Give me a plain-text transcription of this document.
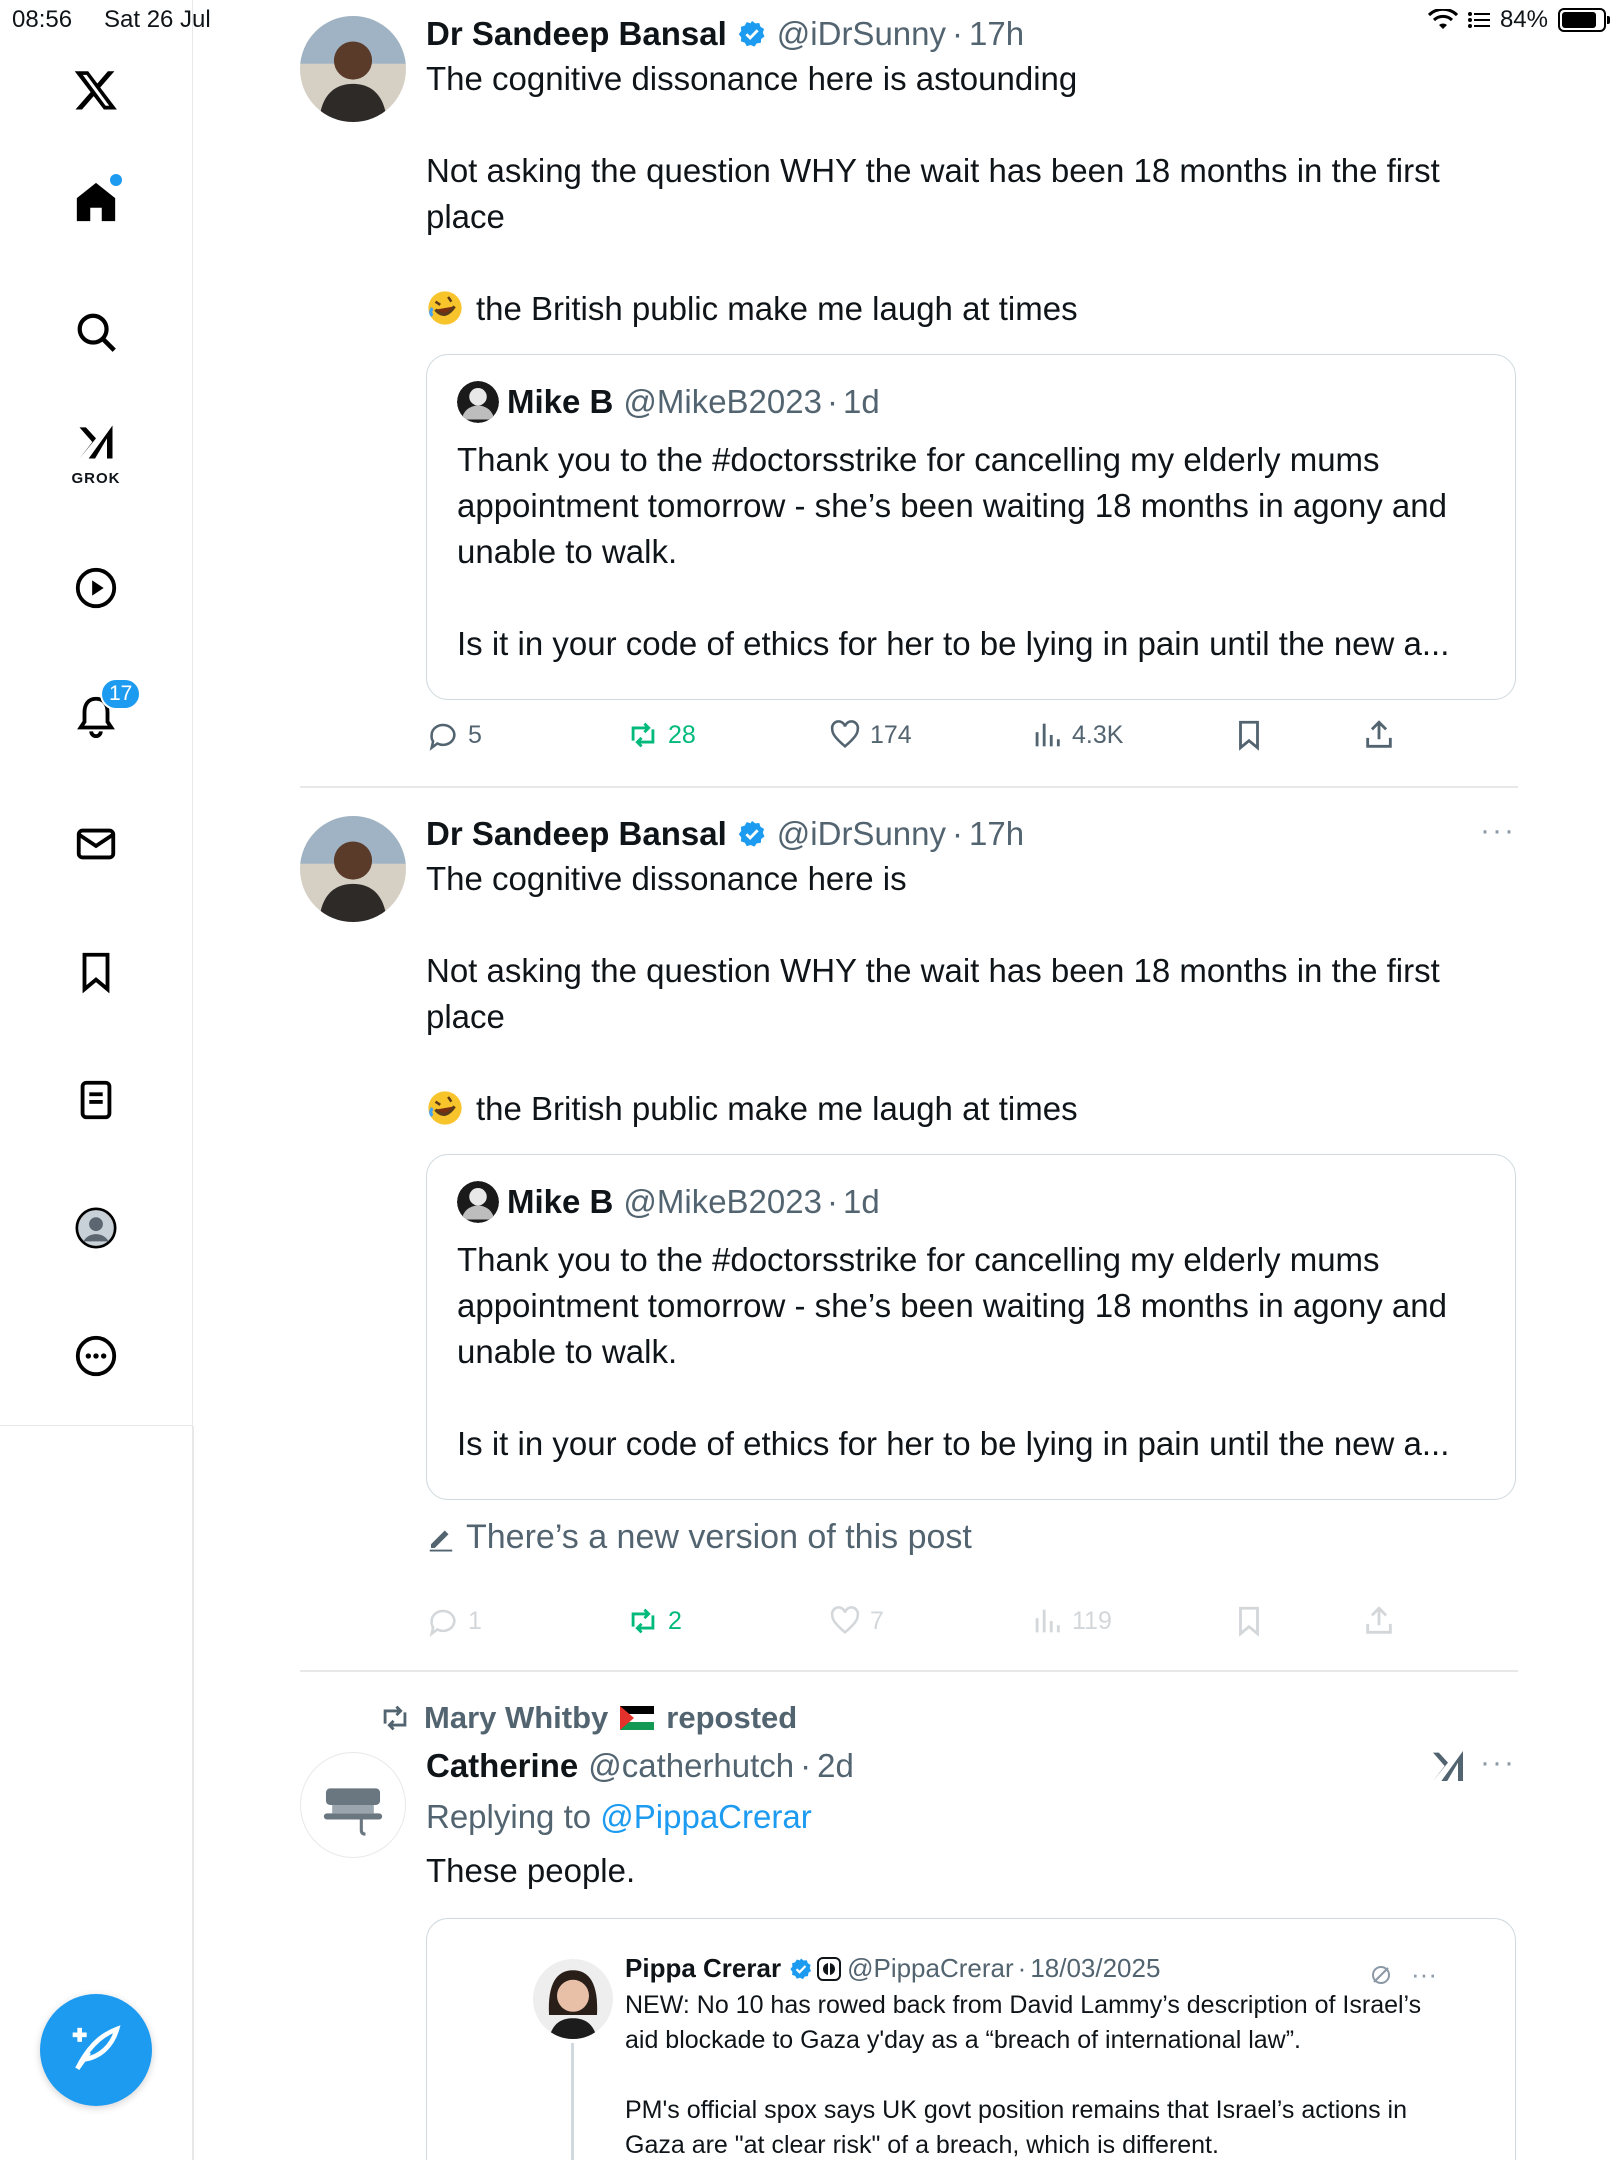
08:56 Sat 26 Jul	84%
GROK
17
Dr Sandeep Bansal @iDrSunny · 17h

The cognitive dissonance here is astounding

Not asking the question WHY the wait has been 18 months in the first place

the British public make me laugh at times

Mike B @MikeB2023 · 1d

Thank you to the #doctorsstrike for cancelling my elderly mums appointment tomorrow - she’s been waiting 18 months in agony and unable to walk.

Is it in your code of ethics for her to be lying in pain until the new a...

5	28	174	4.3K
···
Dr Sandeep Bansal @iDrSunny · 17h

The cognitive dissonance here is

Not asking the question WHY the wait has been 18 months in the first place

the British public make me laugh at times

Mike B @MikeB2023 · 1d

Thank you to the #doctorsstrike for cancelling my elderly mums appointment tomorrow - she’s been waiting 18 months in agony and unable to walk.

Is it in your code of ethics for her to be lying in pain until the new a...

There’s a new version of this post
1	2	7	119
Mary Whitby reposted
···
Catherine @catherhutch · 2d
Replying to @PippaCrerar

These people.

Pippa Crerar	@PippaCrerar · 18/03/2025

NEW: No 10 has rowed back from David Lammy’s description of Israel’s aid blockade to Gaza y'day as a “breach of international law”.

PM's official spox says UK govt position remains that Israel’s actions in Gaza are "at clear risk" of a breach, which is different.

···
